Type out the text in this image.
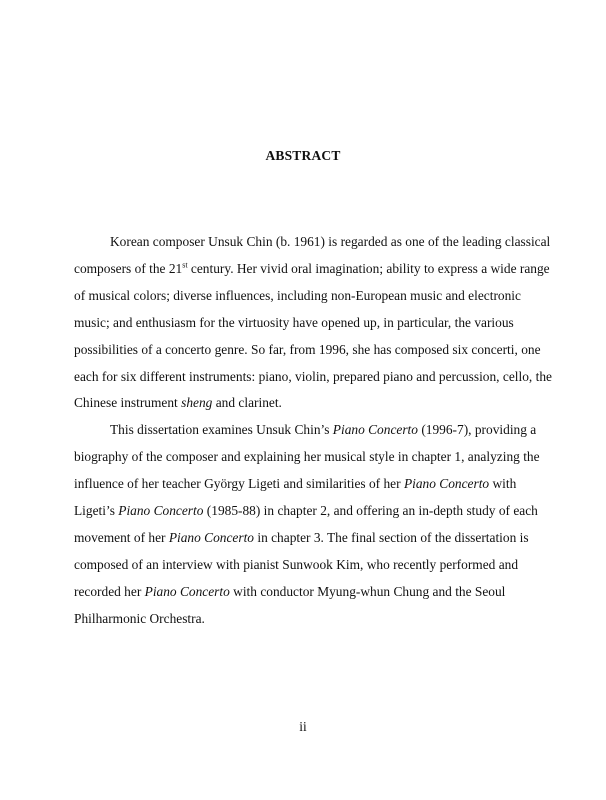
ABSTRACT

Korean composer Unsuk Chin (b. 1961) is regarded as one of the leading classical
composers of the 21st century. Her vivid oral imagination; ability to express a wide range
of musical colors; diverse influences, including non-European music and electronic
music; and enthusiasm for the virtuosity have opened up, in particular, the various
possibilities of a concerto genre. So far, from 1996, she has composed six concerti, one
each for six different instruments: piano, violin, prepared piano and percussion, cello, the
Chinese instrument sheng and clarinet.

This dissertation examines Unsuk Chin’s Piano Concerto (1996-7), providing a
biography of the composer and explaining her musical style in chapter 1, analyzing the
influence of her teacher György Ligeti and similarities of her Piano Concerto with
Ligeti’s Piano Concerto (1985-88) in chapter 2, and offering an in-depth study of each
movement of her Piano Concerto in chapter 3. The final section of the dissertation is
composed of an interview with pianist Sunwook Kim, who recently performed and
recorded her Piano Concerto with conductor Myung-whun Chung and the Seoul
Philharmonic Orchestra.

ii
